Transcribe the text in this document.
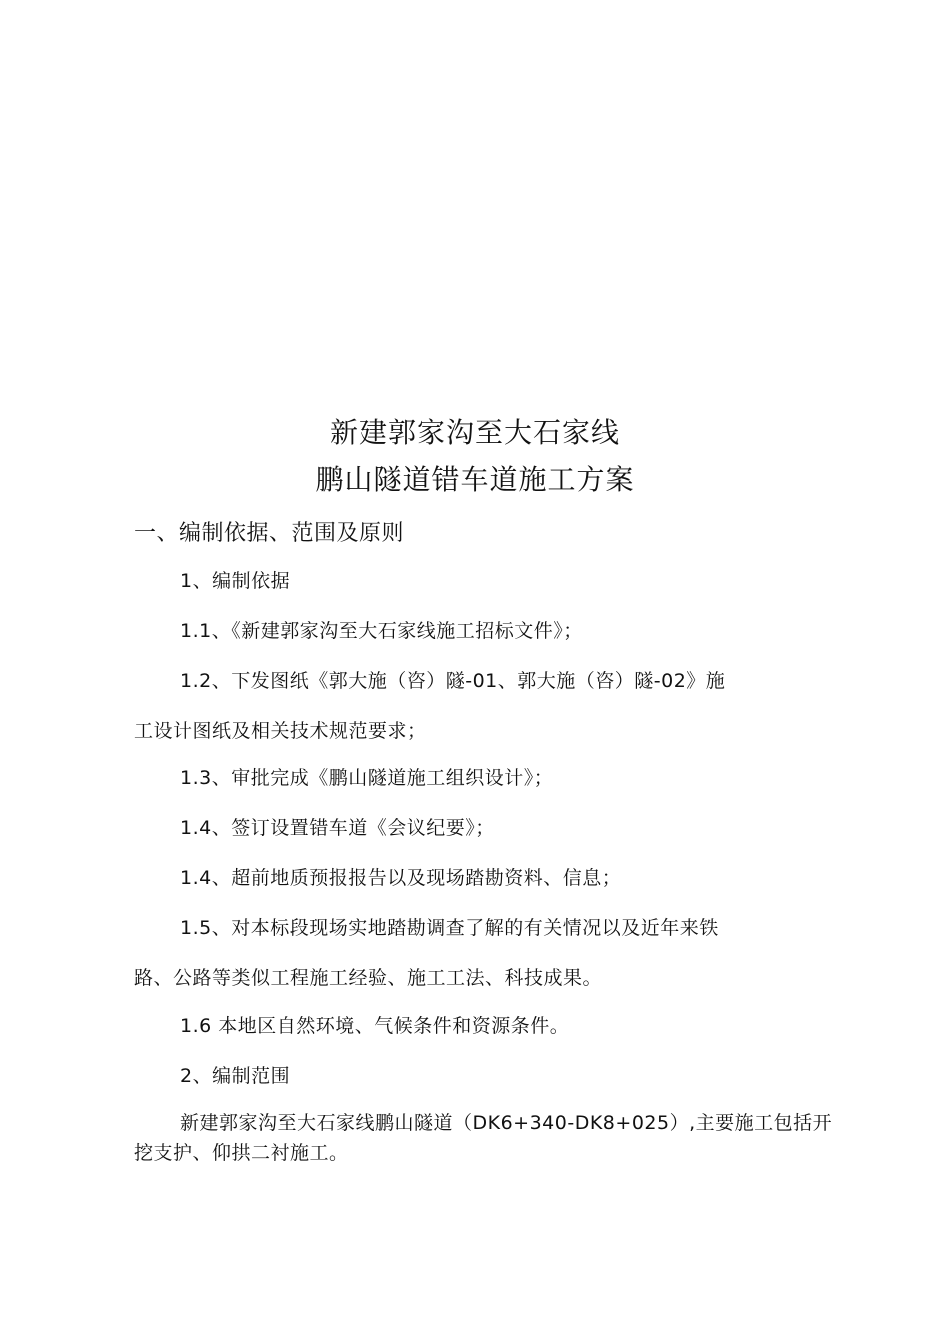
新建郭家沟至大石家线
鹏山隧道错车道施工方案
一、编制依据、范围及原则
1、编制依据
1.1、《新建郭家沟至大石家线施工招标文件》；
1.2、下发图纸《郭大施（咨）隧-01、郭大施（咨）隧-02》施
工设计图纸及相关技术规范要求；
1.3、审批完成《鹏山隧道施工组织设计》；
1.4、签订设置错车道《会议纪要》；
1.4、超前地质预报报告以及现场踏勘资料、信息；
1.5、对本标段现场实地踏勘调查了解的有关情况以及近年来铁
路、公路等类似工程施工经验、施工工法、科技成果。
1.6 本地区自然环境、气候条件和资源条件。
2、编制范围
新建郭家沟至大石家线鹏山隧道（DK6+340-DK8+025）,主要施工包括开挖支护、仰拱二衬施工。
